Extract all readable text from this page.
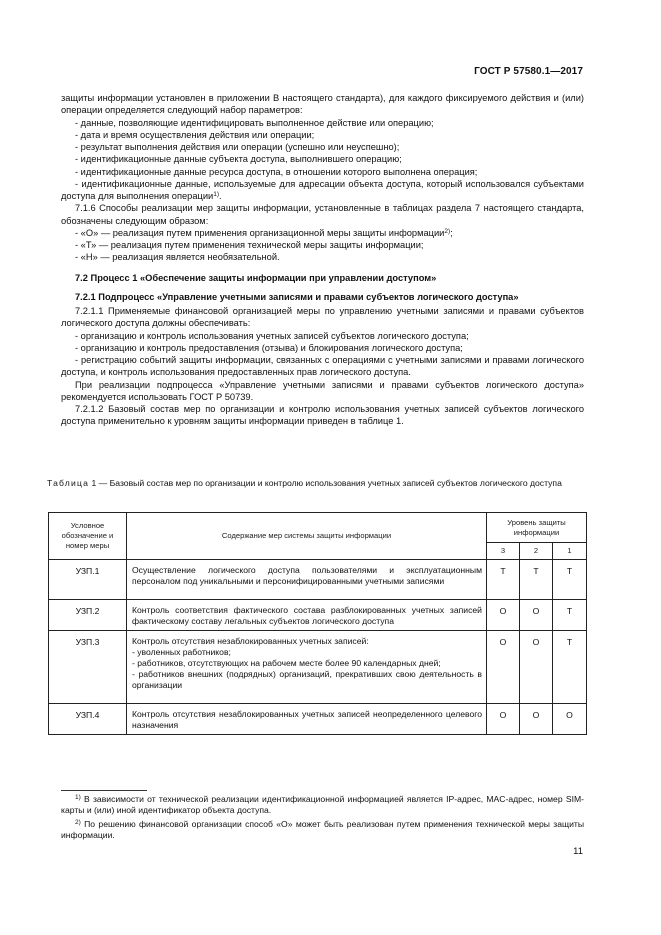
ГОСТ Р 57580.1—2017

защиты информации установлен в приложении В настоящего стандарта), для каждого фиксируемого действия и (или) операции определяется следующий набор параметров:

- данные, позволяющие идентифицировать выполненное действие или операцию;

- дата и время осуществления действия или операции;

- результат выполнения действия или операции (успешно или неуспешно);

- идентификационные данные субъекта доступа, выполнившего операцию;

- идентификационные данные ресурса доступа, в отношении которого выполнена операция;

- идентификационные данные, используемые для адресации объекта доступа, который использовался субъектами доступа для выполнения операции$^{1)}$.

7.1.6 Способы реализации мер защиты информации, установленные в таблицах раздела 7 настоящего стандарта, обозначены следующим образом:

- «О» — реализация путем применения организационной меры защиты информации$^{2)}$;

- «Т» — реализация путем применения технической меры защиты информации;

- «Н» — реализация является необязательной.

7.2 Процесс 1 «Обеспечение защиты информации при управлении доступом»

7.2.1 Подпроцесс «Управление учетными записями и правами субъектов логического доступа»

7.2.1.1 Применяемые финансовой организацией меры по управлению учетными записями и правами субъектов логического доступа должны обеспечивать:

- организацию и контроль использования учетных записей субъектов логического доступа;

- организацию и контроль предоставления (отзыва) и блокирования логического доступа;

- регистрацию событий защиты информации, связанных с операциями с учетными записями и правами логического доступа, и контроль использования предоставленных прав логического доступа.

При реализации подпроцесса «Управление учетными записями и правами субъектов логического доступа» рекомендуется использовать ГОСТ Р 50739.

7.2.1.2 Базовый состав мер по организации и контролю использования учетных записей субъектов логического доступа применительно к уровням защиты информации приведен в таблице 1.

Таблица 1 — Базовый состав мер по организации и контролю использования учетных записей субъектов логического доступа
Условное обозначение и номер меры	Содержание мер системы защиты информации	Уровень защиты информации		
		3	2	1
УЗП.1	Осуществление логического доступа пользователями и эксплуатационным персоналом под уникальными и персонифицированными учетными записями	Т	Т	Т
УЗП.2	Контроль соответствия фактического состава разблокированных учетных записей фактическому составу легальных субъектов логического доступа	О	О	Т
УЗП.3	Контроль отсутствия незаблокированных учетных записей:
- уволенных работников;
- работников, отсутствующих на рабочем месте более 90 календарных дней;
- работников внешних (подрядных) организаций, прекративших свою деятельность в организации	О	О	Т
УЗП.4	Контроль отсутствия незаблокированных учетных записей неопределенного целевого назначения	О	О	О
$^{1)}$ В зависимости от технической реализации идентификационной информацией является IP-адрес, MAC-адрес, номер SIM-карты и (или) иной идентификатор объекта доступа.
$^{2)}$ По решению финансовой организации способ «О» может быть реализован путем применения технической меры защиты информации.
11
